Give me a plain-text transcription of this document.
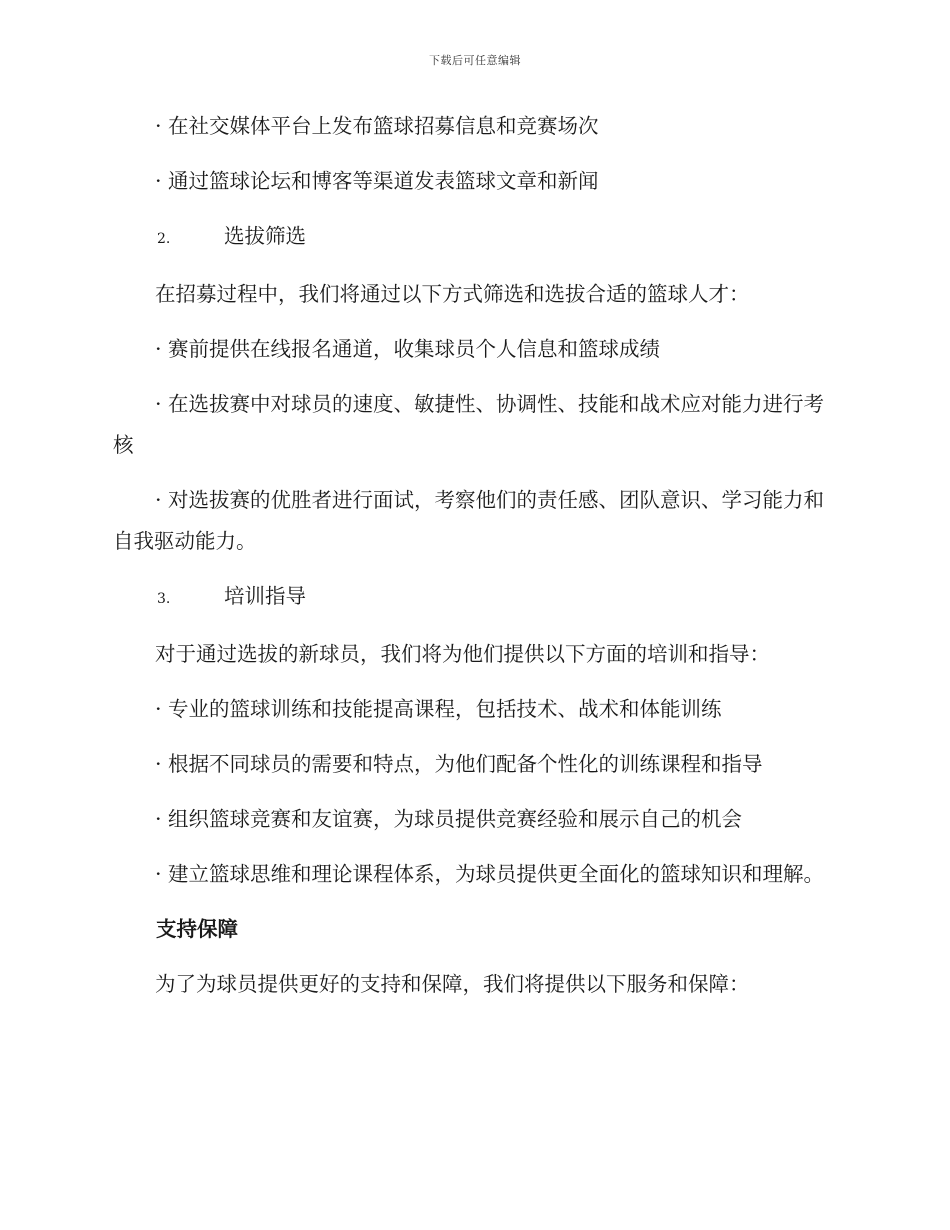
下载后可任意编辑

· 在社交媒体平台上发布篮球招募信息和竞赛场次

· 通过篮球论坛和博客等渠道发表篮球文章和新闻

2.	选拔筛选

在招募过程中，我们将通过以下方式筛选和选拔合适的篮球人才：

· 赛前提供在线报名通道，收集球员个人信息和篮球成绩

· 在选拔赛中对球员的速度、敏捷性、协调性、技能和战术应对能力进行考核

· 对选拔赛的优胜者进行面试，考察他们的责任感、团队意识、学习能力和自我驱动能力。

3.	培训指导

对于通过选拔的新球员，我们将为他们提供以下方面的培训和指导：

· 专业的篮球训练和技能提高课程，包括技术、战术和体能训练

· 根据不同球员的需要和特点，为他们配备个性化的训练课程和指导

· 组织篮球竞赛和友谊赛，为球员提供竞赛经验和展示自己的机会

· 建立篮球思维和理论课程体系，为球员提供更全面化的篮球知识和理解。

支持保障

为了为球员提供更好的支持和保障，我们将提供以下服务和保障：
